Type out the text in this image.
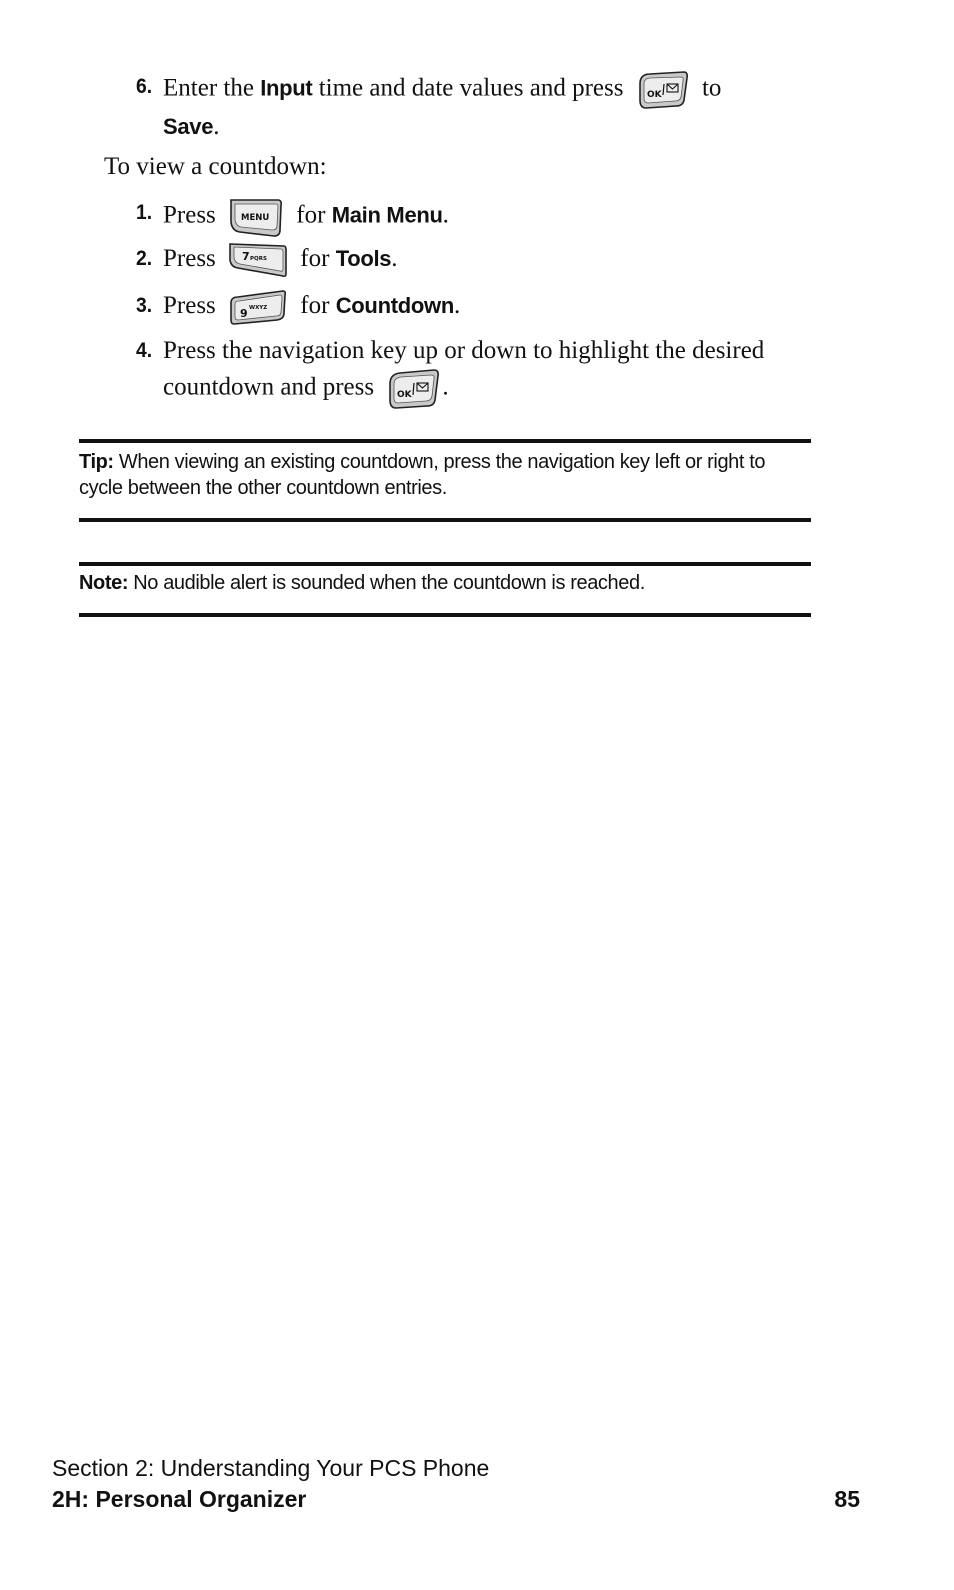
6. Enter the Input time and date values and press OK to
Save.
To view a countdown:
1. Press MENU for Main Menu.
2. Press 7 PQRS for Tools.
3. Press 9 WXYZ for Countdown.
4. Press the navigation key up or down to highlight the desired countdown and press OK .
Tip: When viewing an existing countdown, press the navigation key left or right to cycle between the other countdown entries.
Note: No audible alert is sounded when the countdown is reached.
Section 2: Understanding Your PCS Phone
2H: Personal Organizer	85
